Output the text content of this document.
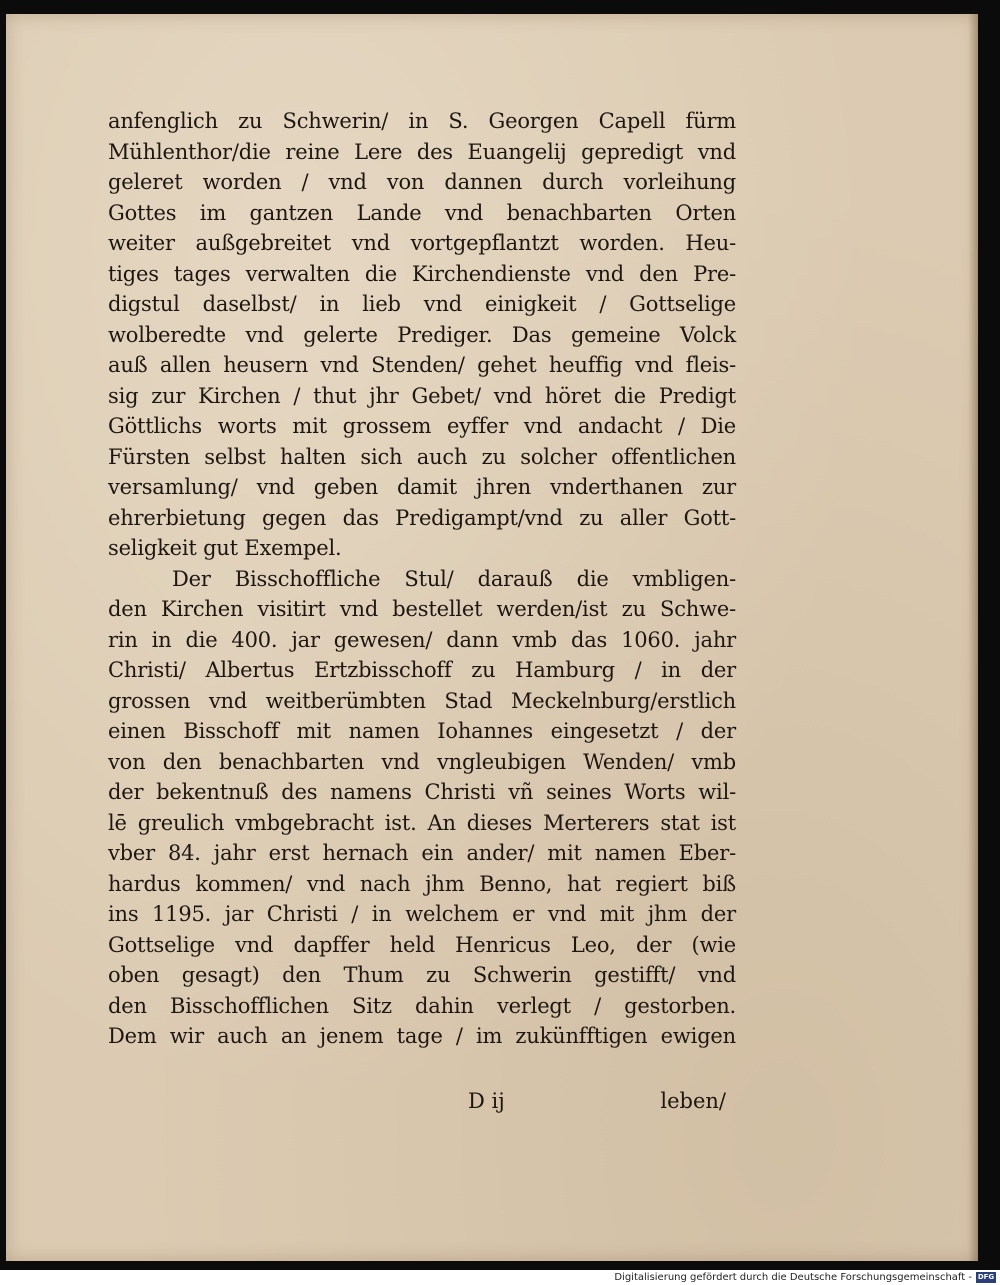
anfenglich zu Schwerin/ in S. Georgen Capell fürm
Mühlenthor/die reine Lere des Euangelij gepredigt vnd
geleret worden / vnd von dannen durch vorleihung
Gottes im gantzen Lande vnd benachbarten Orten
weiter außgebreitet vnd vortgepflantzt worden. Heu-
tiges tages verwalten die Kirchendienste vnd den Pre-
digstul daselbst/ in lieb vnd einigkeit / Gottselige
wolberedte vnd gelerte Prediger. Das gemeine Volck
auß allen heusern vnd Stenden/ gehet heuffig vnd fleis-
sig zur Kirchen / thut jhr Gebet/ vnd höret die Predigt
Göttlichs worts mit grossem eyffer vnd andacht / Die
Fürsten selbst halten sich auch zu solcher offentlichen
versamlung/ vnd geben damit jhren vnderthanen zur
ehrerbietung gegen das Predigampt/vnd zu aller Gott-
seligkeit gut Exempel.
Der Bisschoffliche Stul/ darauß die vmbligen-
den Kirchen visitirt vnd bestellet werden/ist zu Schwe-
rin in die 400. jar gewesen/ dann vmb das 1060. jahr
Christi/ Albertus Ertzbisschoff zu Hamburg / in der
grossen vnd weitberümbten Stad Meckelnburg/erstlich
einen Bisschoff mit namen Iohannes eingesetzt / der
von den benachbarten vnd vngleubigen Wenden/ vmb
der bekentnuß des namens Christi vñ seines Worts wil-
lē greulich vmbgebracht ist. An dieses Merterers stat ist
vber 84. jahr erst hernach ein ander/ mit namen Eber-
hardus kommen/ vnd nach jhm Benno, hat regiert biß
ins 1195. jar Christi / in welchem er vnd mit jhm der
Gottselige vnd dapffer held Henricus Leo, der (wie
oben gesagt) den Thum zu Schwerin gestifft/ vnd
den Bisschofflichen Sitz dahin verlegt / gestorben.
Dem wir auch an jenem tage / im zukünfftigen ewigen
D ij	leben/
Digitalisierung gefördert durch die Deutsche Forschungsgemeinschaft - DFG
